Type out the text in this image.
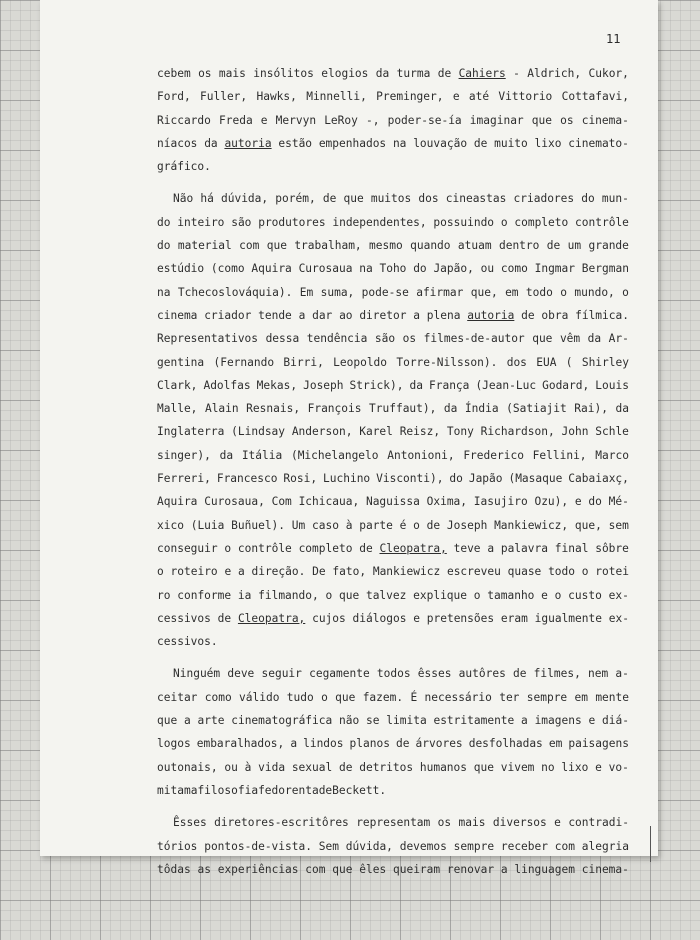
11
cebem os mais insólitos elogios da turma de Cahiers - Aldrich, Cukor,
Ford, Fuller, Hawks, Minnelli, Preminger, e até Vittorio Cottafavi,
Riccardo Freda e Mervyn LeRoy -, poder-se-ía imaginar que os cinema-
níacos da autoria estão empenhados na louvação de muito lixo cinemato-
gráfico.
Não há dúvida, porém, de que muitos dos cineastas criadores do mun-
do inteiro são produtores independentes, possuindo o completo contrôle
do material com que trabalham, mesmo quando atuam dentro de um grande
estúdio (como Aquira Curosaua na Toho do Japão, ou como Ingmar Bergman
na Tchecoslováquia). Em suma, pode-se afirmar que, em todo o mundo, o
cinema criador tende a dar ao diretor a plena autoria de obra fílmica.
Representativos dessa tendência são os filmes-de-autor que vêm da Ar-
gentina (Fernando Birri, Leopoldo Torre-Nilsson). dos EUA ( Shirley
Clark, Adolfas Mekas, Joseph Strick), da França (Jean-Luc Godard, Louis
Malle, Alain Resnais, François Truffaut), da Índia (Satiajit Rai), da
Inglaterra (Lindsay Anderson, Karel Reisz, Tony Richardson, John Schle
singer), da Itália (Michelangelo Antonioni, Frederico Fellini, Marco
Ferreri, Francesco Rosi, Luchino Visconti), do Japão (Masaque Cabaiaxç,
Aquira Curosaua, Com Ichicaua, Naguissa Oxima, Iasujiro Ozu), e do Mé-
xico (Luia Buñuel). Um caso à parte é o de Joseph Mankiewicz, que, sem
conseguir o contrôle completo de Cleopatra, teve a palavra final sôbre
o roteiro e a direção. De fato, Mankiewicz escreveu quase todo o rotei
ro conforme ia filmando, o que talvez explique o tamanho e o custo ex-
cessivos de Cleopatra, cujos diálogos e pretensões eram igualmente ex-
cessivos.
Ninguém deve seguir cegamente todos êsses autôres de filmes, nem a-
ceitar como válido tudo o que fazem. É necessário ter sempre em mente
que a arte cinematográfica não se limita estritamente a imagens e diá-
logos embaralhados, a lindos planos de árvores desfolhadas em paisagens
outonais, ou à vida sexual de detritos humanos que vivem no lixo e vo-
mitam a filosofia fedorenta de Beckett.
Êsses diretores-escritôres representam os mais diversos e contradi-
tórios pontos-de-vista. Sem dúvida, devemos sempre receber com alegria
tôdas as experiências com que êles queiram renovar a linguagem cinema-
